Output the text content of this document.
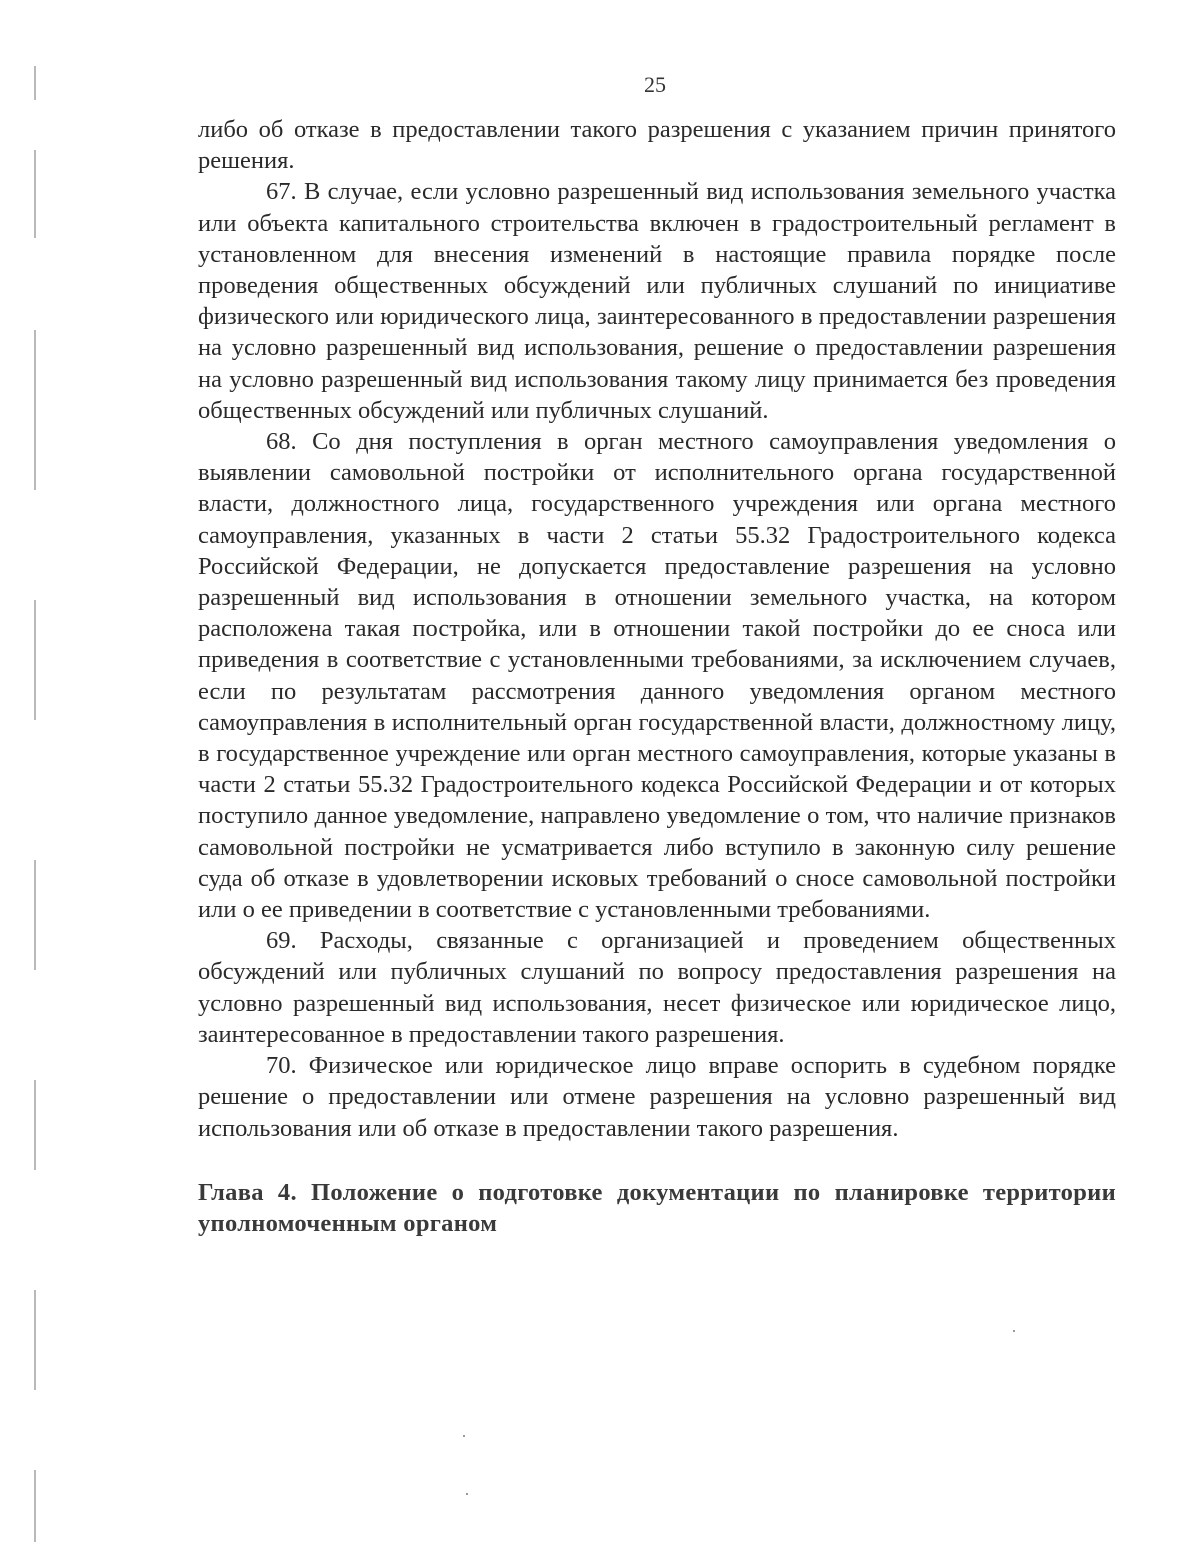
25

либо об отказе в предоставлении такого разрешения с указанием причин принятого решения.

67. В случае, если условно разрешенный вид использования земельного участка или объекта капитального строительства включен в градостроительный регламент в установленном для внесения изменений в настоящие правила порядке после проведения общественных обсуждений или публичных слушаний по инициативе физического или юридического лица, заинтересованного в предоставлении разрешения на условно разрешенный вид использования, решение о предоставлении разрешения на условно разрешенный вид использования такому лицу принимается без проведения общественных обсуждений или публичных слушаний.

68. Со дня поступления в орган местного самоуправления уведомления о выявлении самовольной постройки от исполнительного органа государственной власти, должностного лица, государственного учреждения или органа местного самоуправления, указанных в части 2 статьи 55.32 Градостроительного кодекса Российской Федерации, не допускается предоставление разрешения на условно разрешенный вид использования в отношении земельного участка, на котором расположена такая постройка, или в отношении такой постройки до ее сноса или приведения в соответствие с установленными требованиями, за исключением случаев, если по результатам рассмотрения данного уведомления органом местного самоуправления в исполнительный орган государственной власти, должностному лицу, в государственное учреждение или орган местного самоуправления, которые указаны в части 2 статьи 55.32 Градостроительного кодекса Российской Федерации и от которых поступило данное уведомление, направлено уведомление о том, что наличие признаков самовольной постройки не усматривается либо вступило в законную силу решение суда об отказе в удовлетворении исковых требований о сносе самовольной постройки или о ее приведении в соответствие с установленными требованиями.

69. Расходы, связанные с организацией и проведением общественных обсуждений или публичных слушаний по вопросу предоставления разрешения на условно разрешенный вид использования, несет физическое или юридическое лицо, заинтересованное в предоставлении такого разрешения.

70. Физическое или юридическое лицо вправе оспорить в судебном порядке решение о предоставлении или отмене разрешения на условно разрешенный вид использования или об отказе в предоставлении такого разрешения.

Глава 4. Положение о подготовке документации по планировке территории уполномоченным органом
